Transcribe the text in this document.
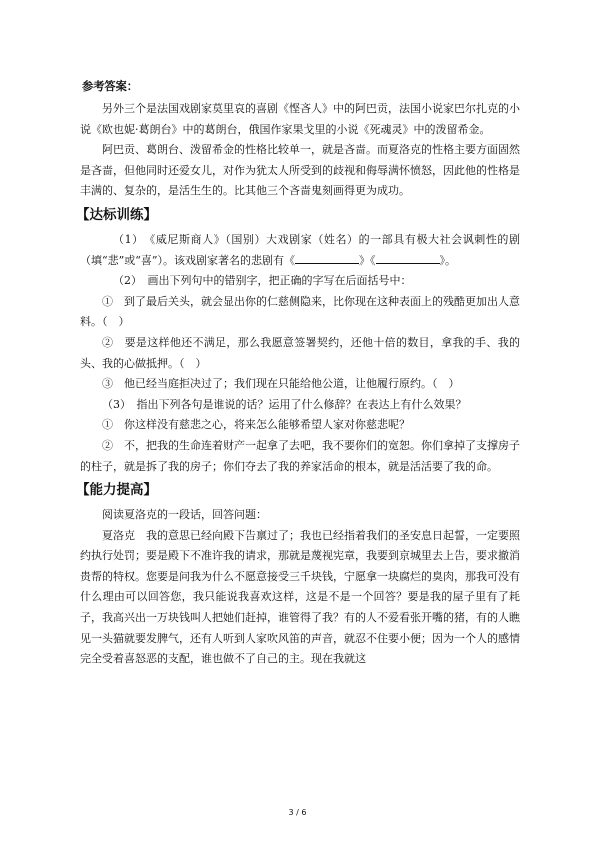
参考答案：

另外三个是法国戏剧家莫里哀的喜剧《悭吝人》中的阿巴贡，法国小说家巴尔扎克的小说《欧也妮·葛朗台》中的葛朗台，俄国作家果戈里的小说《死魂灵》中的泼留希金。

阿巴贡、葛朗台、泼留希金的性格比较单一，就是吝啬。而夏洛克的性格主要方面固然是吝啬，但他同时还爱女儿，对作为犹太人所受到的歧视和侮辱满怀愤怒，因此他的性格是丰满的、复杂的，是活生生的。比其他三个吝啬鬼刻画得更为成功。

【达标训练】

（1）　《威尼斯商人》（国别）大戏剧家（姓名）的一部具有极大社会讽刺性的剧（填“悲”或“喜”）。该戏剧家著名的悲剧有《	》《	》。

（2）　画出下列句中的错别字，把正确的字写在后面括号中：

①　到了最后关头，就会显出你的仁慈侧隐来，比你现在这种表面上的残酷更加出人意料。（　）

②　要是这样他还不满足，那么我愿意签署契约，还他十倍的数目，拿我的手、我的头、我的心做抵押。（　）

③　他已经当庭拒决过了；我们现在只能给他公道，让他履行原约。（　）

（3）　指出下列各句是谁说的话？运用了什么修辞？在表达上有什么效果？

①　你这样没有慈悲之心，将来怎么能够希望人家对你慈悲呢？

②　不，把我的生命连着财产一起拿了去吧，我不要你们的宽恕。你们拿掉了支撑房子的柱子，就是拆了我的房子；你们夺去了我的养家活命的根本，就是活活要了我的命。

【能力提高】

阅读夏洛克的一段话，回答问题：

夏洛克　我的意思已经向殿下告禀过了；我也已经指着我们的圣安息日起誓，一定要照约执行处罚；要是殿下不准许我的请求，那就是蔑视宪章，我要到京城里去上告，要求撤消贵帮的特权。您要是问我为什么不愿意接受三千块钱，宁愿拿一块腐烂的臭肉，那我可没有什么理由可以回答您，我只能说我喜欢这样，这是不是一个回答？要是我的屋子里有了耗子，我高兴出一万块钱叫人把她们赶掉，谁管得了我？有的人不爱看张开嘴的猪，有的人瞧见一头猫就要发脾气，还有人听到人家吹风笛的声音，就忍不住要小便；因为一个人的感情完全受着喜怒恶的支配，谁也做不了自己的主。现在我就这

3 / 6
